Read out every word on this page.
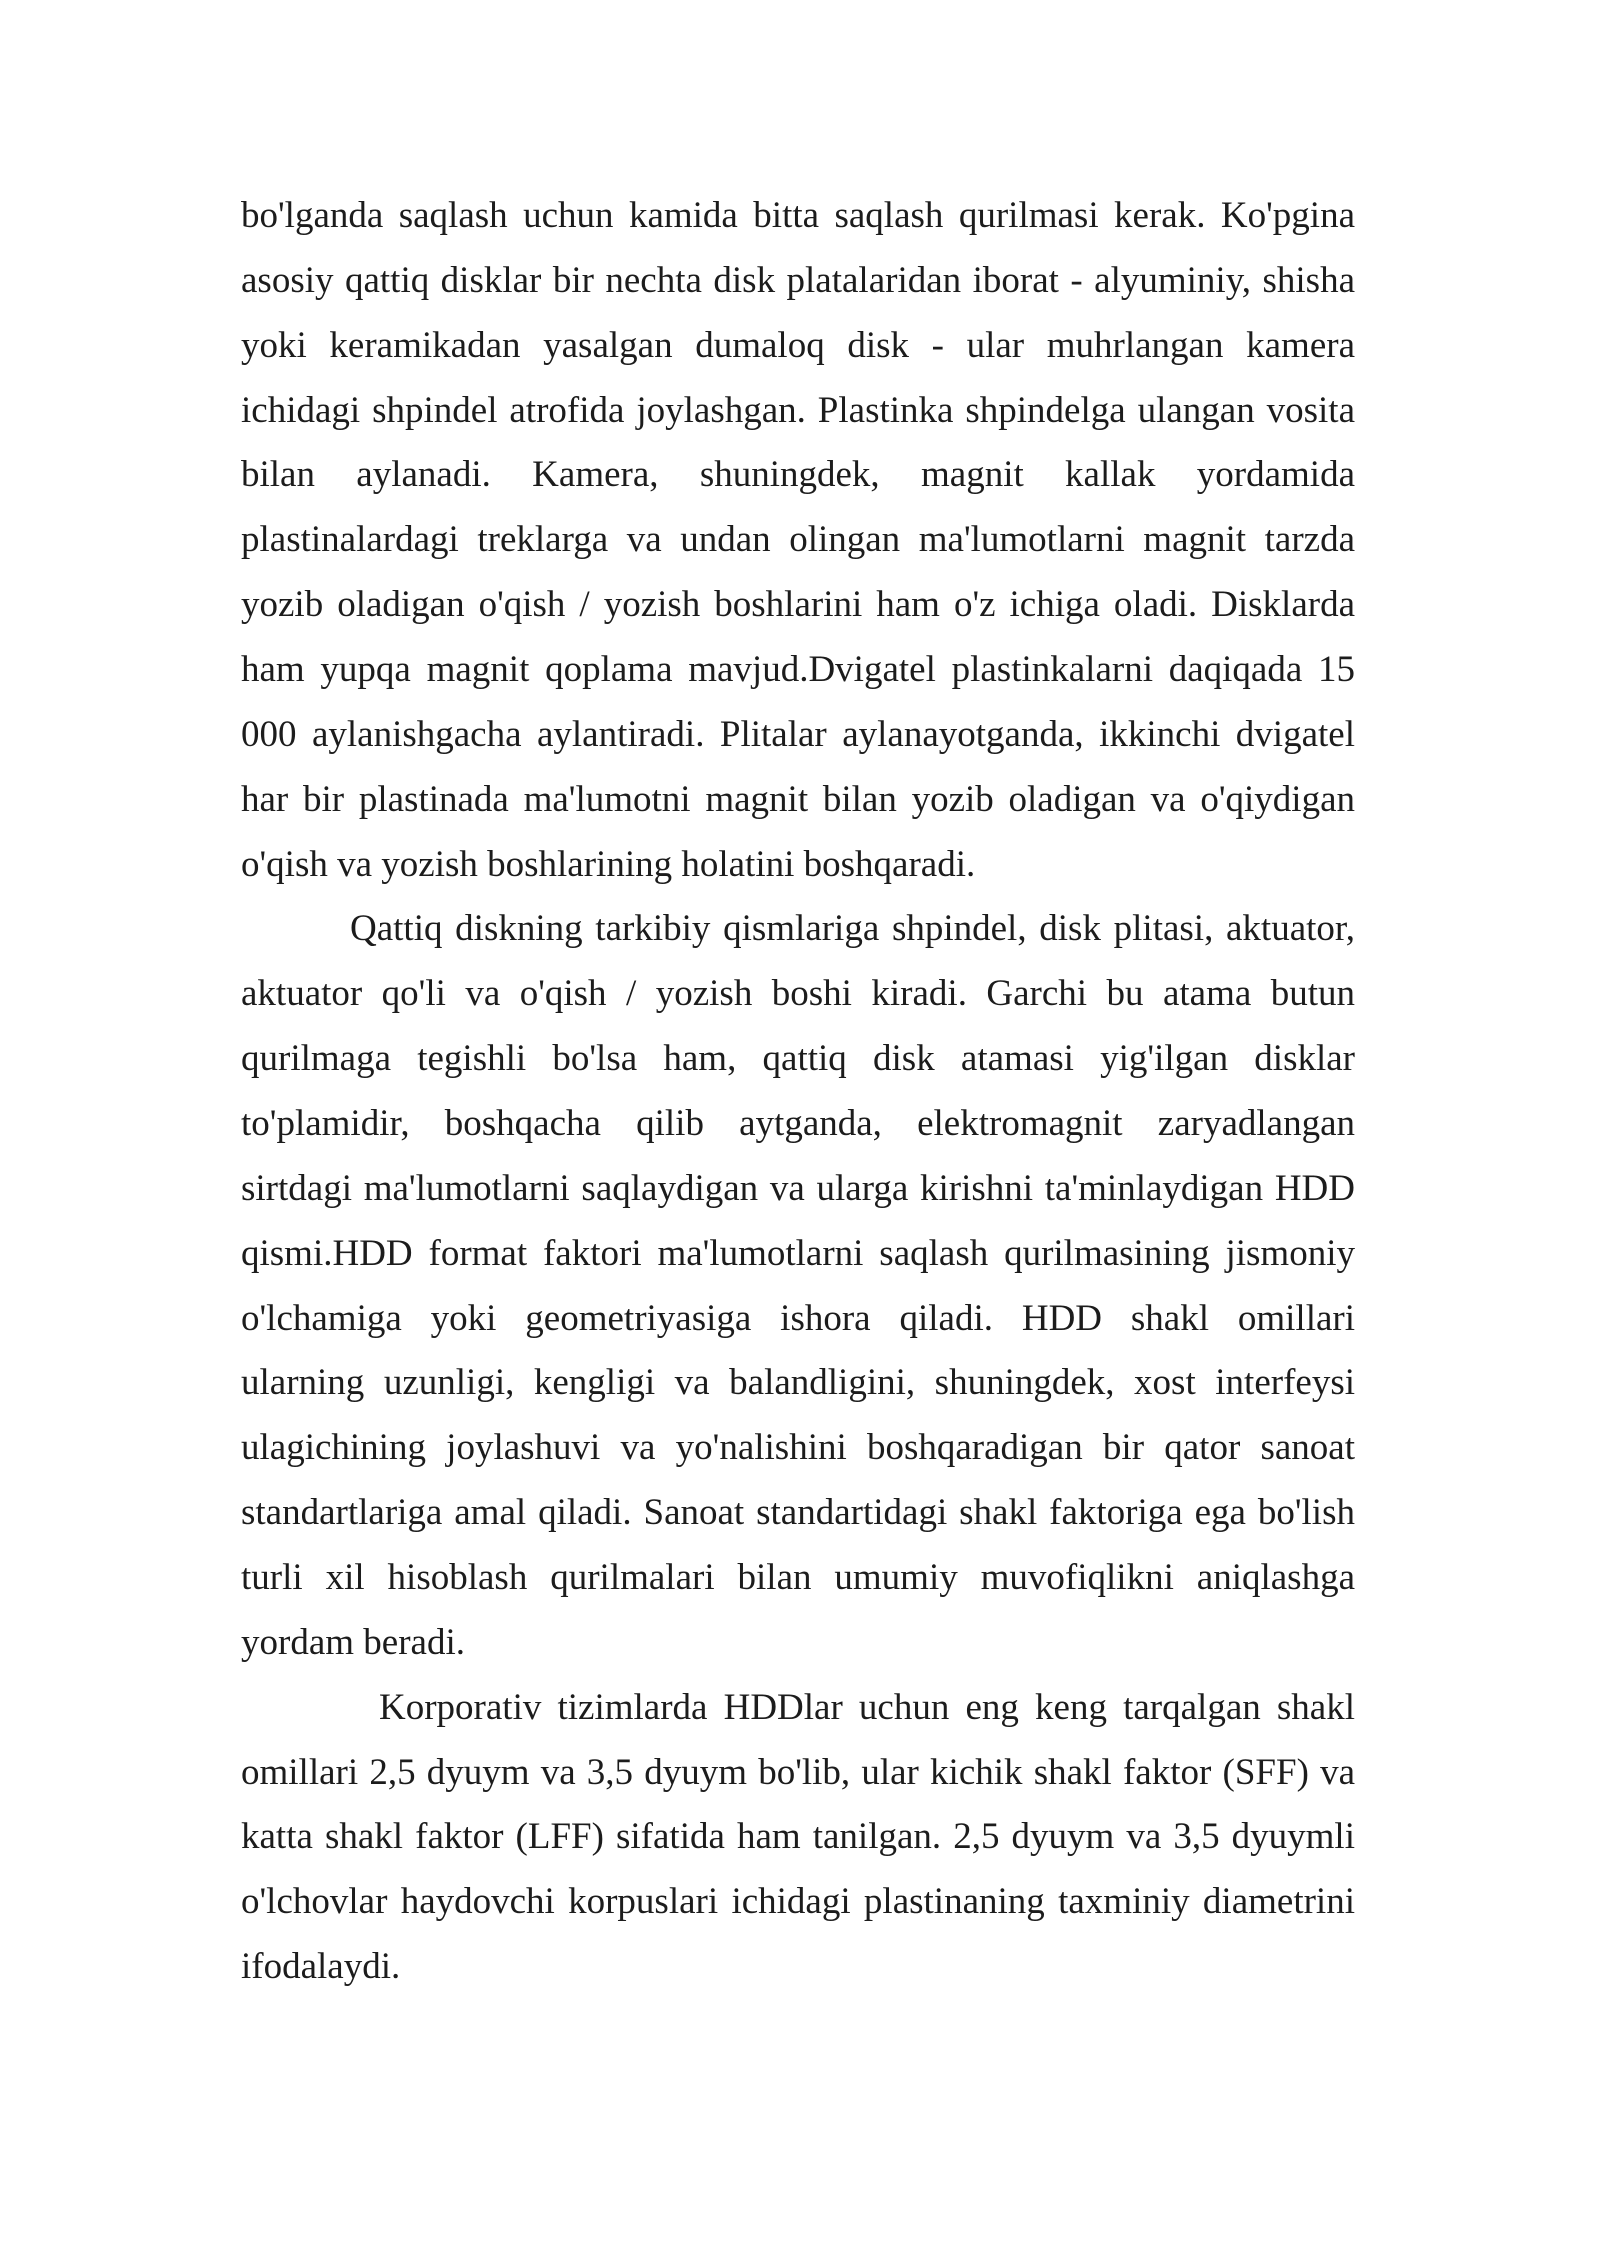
bo'lganda saqlash uchun kamida bitta saqlash qurilmasi kerak. Ko'pgina
asosiy qattiq disklar bir nechta disk platalaridan iborat - alyuminiy, shisha
yoki keramikadan yasalgan dumaloq disk - ular muhrlangan kamera
ichidagi shpindel atrofida joylashgan. Plastinka shpindelga ulangan vosita
bilan aylanadi. Kamera, shuningdek, magnit kallak yordamida
plastinalardagi treklarga va undan olingan ma'lumotlarni magnit tarzda
yozib oladigan o'qish / yozish boshlarini ham o'z ichiga oladi. Disklarda
ham yupqa magnit qoplama mavjud.Dvigatel plastinkalarni daqiqada 15
000 aylanishgacha aylantiradi. Plitalar aylanayotganda, ikkinchi dvigatel
har bir plastinada ma'lumotni magnit bilan yozib oladigan va o'qiydigan
o'qish va yozish boshlarining holatini boshqaradi.
Qattiq diskning tarkibiy qismlariga shpindel, disk plitasi, aktuator,
aktuator qo'li va o'qish / yozish boshi kiradi. Garchi bu atama butun
qurilmaga tegishli bo'lsa ham, qattiq disk atamasi yig'ilgan disklar
to'plamidir, boshqacha qilib aytganda, elektromagnit zaryadlangan
sirtdagi ma'lumotlarni saqlaydigan va ularga kirishni ta'minlaydigan HDD
qismi.HDD format faktori ma'lumotlarni saqlash qurilmasining jismoniy
o'lchamiga yoki geometriyasiga ishora qiladi. HDD shakl omillari
ularning uzunligi, kengligi va balandligini, shuningdek, xost interfeysi
ulagichining joylashuvi va yo'nalishini boshqaradigan bir qator sanoat
standartlariga amal qiladi. Sanoat standartidagi shakl faktoriga ega bo'lish
turli xil hisoblash qurilmalari bilan umumiy muvofiqlikni aniqlashga
yordam beradi.
Korporativ tizimlarda HDDlar uchun eng keng tarqalgan shakl
omillari 2,5 dyuym va 3,5 dyuym bo'lib, ular kichik shakl faktor (SFF) va
katta shakl faktor (LFF) sifatida ham tanilgan. 2,5 dyuym va 3,5 dyuymli
o'lchovlar haydovchi korpuslari ichidagi plastinaning taxminiy diametrini
ifodalaydi.
